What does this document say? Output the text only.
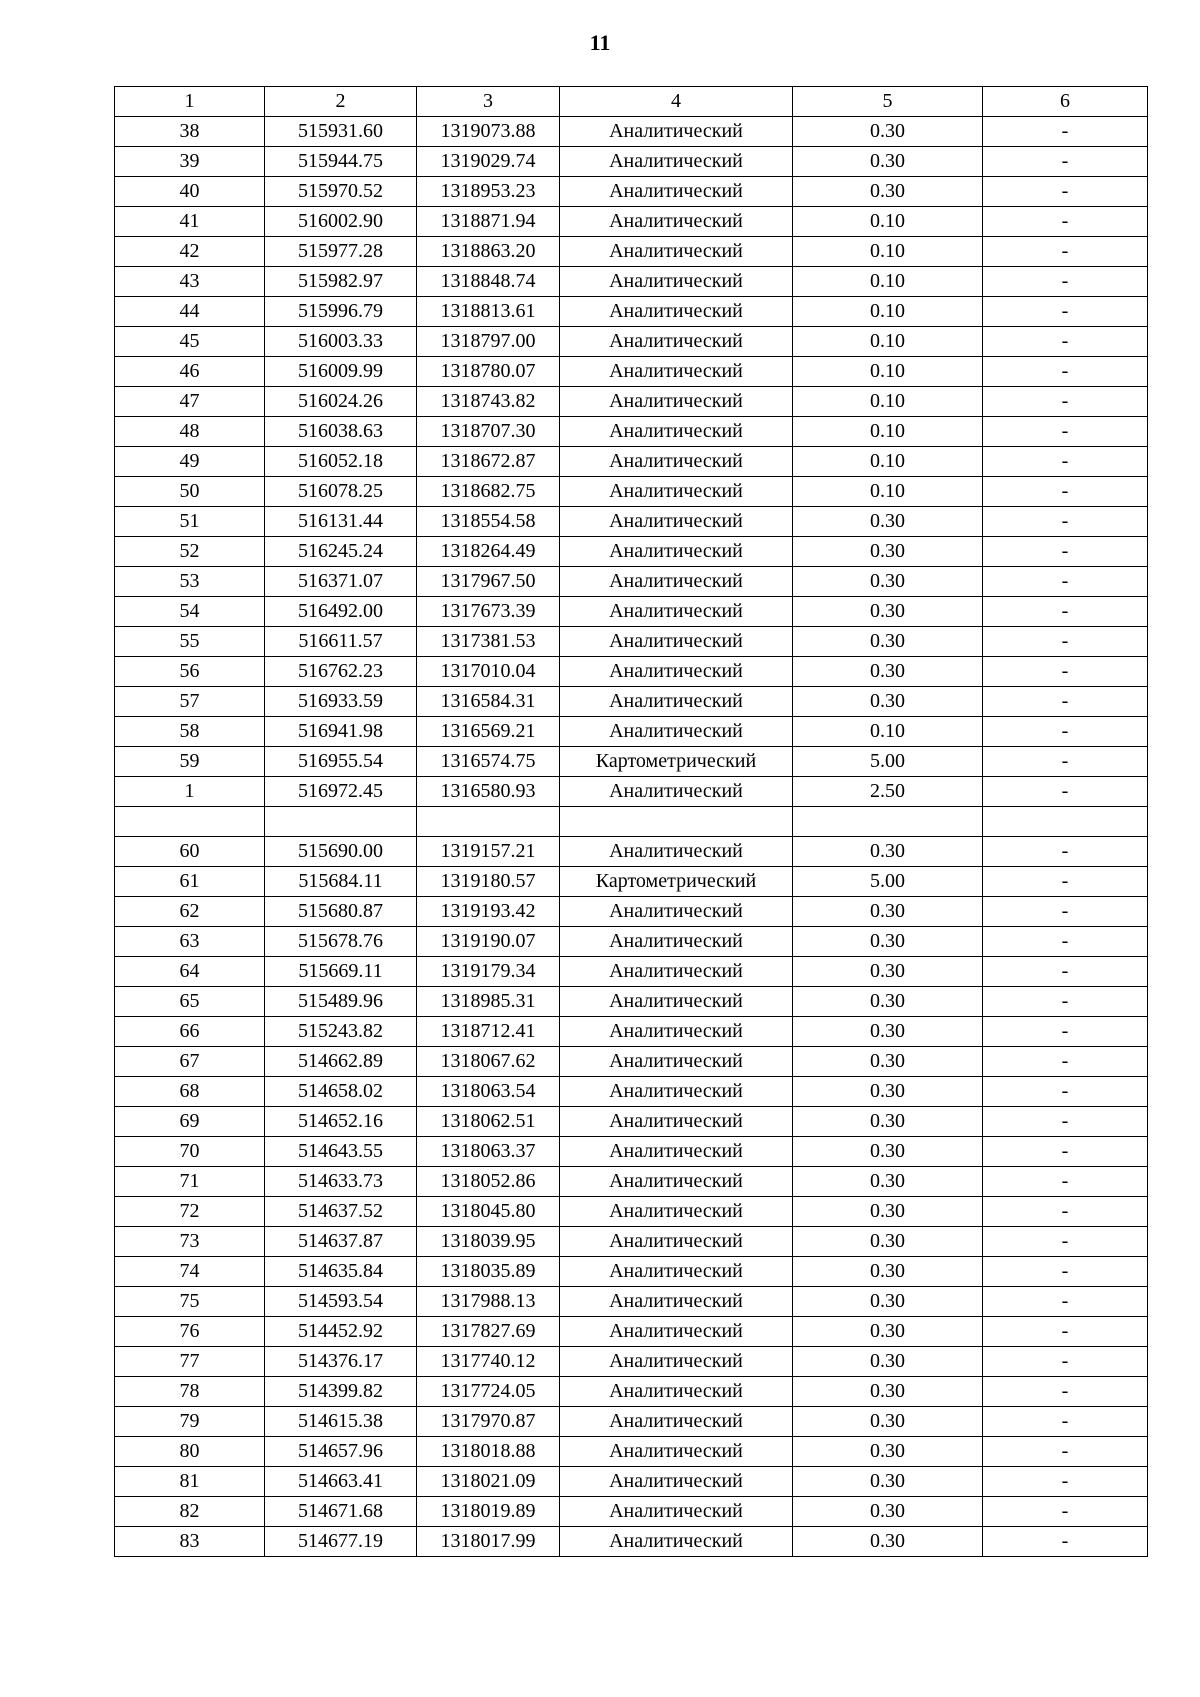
11
1	2	3	4	5	6
38	515931.60	1319073.88	Аналитический	0.30	-
39	515944.75	1319029.74	Аналитический	0.30	-
40	515970.52	1318953.23	Аналитический	0.30	-
41	516002.90	1318871.94	Аналитический	0.10	-
42	515977.28	1318863.20	Аналитический	0.10	-
43	515982.97	1318848.74	Аналитический	0.10	-
44	515996.79	1318813.61	Аналитический	0.10	-
45	516003.33	1318797.00	Аналитический	0.10	-
46	516009.99	1318780.07	Аналитический	0.10	-
47	516024.26	1318743.82	Аналитический	0.10	-
48	516038.63	1318707.30	Аналитический	0.10	-
49	516052.18	1318672.87	Аналитический	0.10	-
50	516078.25	1318682.75	Аналитический	0.10	-
51	516131.44	1318554.58	Аналитический	0.30	-
52	516245.24	1318264.49	Аналитический	0.30	-
53	516371.07	1317967.50	Аналитический	0.30	-
54	516492.00	1317673.39	Аналитический	0.30	-
55	516611.57	1317381.53	Аналитический	0.30	-
56	516762.23	1317010.04	Аналитический	0.30	-
57	516933.59	1316584.31	Аналитический	0.30	-
58	516941.98	1316569.21	Аналитический	0.10	-
59	516955.54	1316574.75	Картометрический	5.00	-
1	516972.45	1316580.93	Аналитический	2.50	-

60	515690.00	1319157.21	Аналитический	0.30	-
61	515684.11	1319180.57	Картометрический	5.00	-
62	515680.87	1319193.42	Аналитический	0.30	-
63	515678.76	1319190.07	Аналитический	0.30	-
64	515669.11	1319179.34	Аналитический	0.30	-
65	515489.96	1318985.31	Аналитический	0.30	-
66	515243.82	1318712.41	Аналитический	0.30	-
67	514662.89	1318067.62	Аналитический	0.30	-
68	514658.02	1318063.54	Аналитический	0.30	-
69	514652.16	1318062.51	Аналитический	0.30	-
70	514643.55	1318063.37	Аналитический	0.30	-
71	514633.73	1318052.86	Аналитический	0.30	-
72	514637.52	1318045.80	Аналитический	0.30	-
73	514637.87	1318039.95	Аналитический	0.30	-
74	514635.84	1318035.89	Аналитический	0.30	-
75	514593.54	1317988.13	Аналитический	0.30	-
76	514452.92	1317827.69	Аналитический	0.30	-
77	514376.17	1317740.12	Аналитический	0.30	-
78	514399.82	1317724.05	Аналитический	0.30	-
79	514615.38	1317970.87	Аналитический	0.30	-
80	514657.96	1318018.88	Аналитический	0.30	-
81	514663.41	1318021.09	Аналитический	0.30	-
82	514671.68	1318019.89	Аналитический	0.30	-
83	514677.19	1318017.99	Аналитический	0.30	-
